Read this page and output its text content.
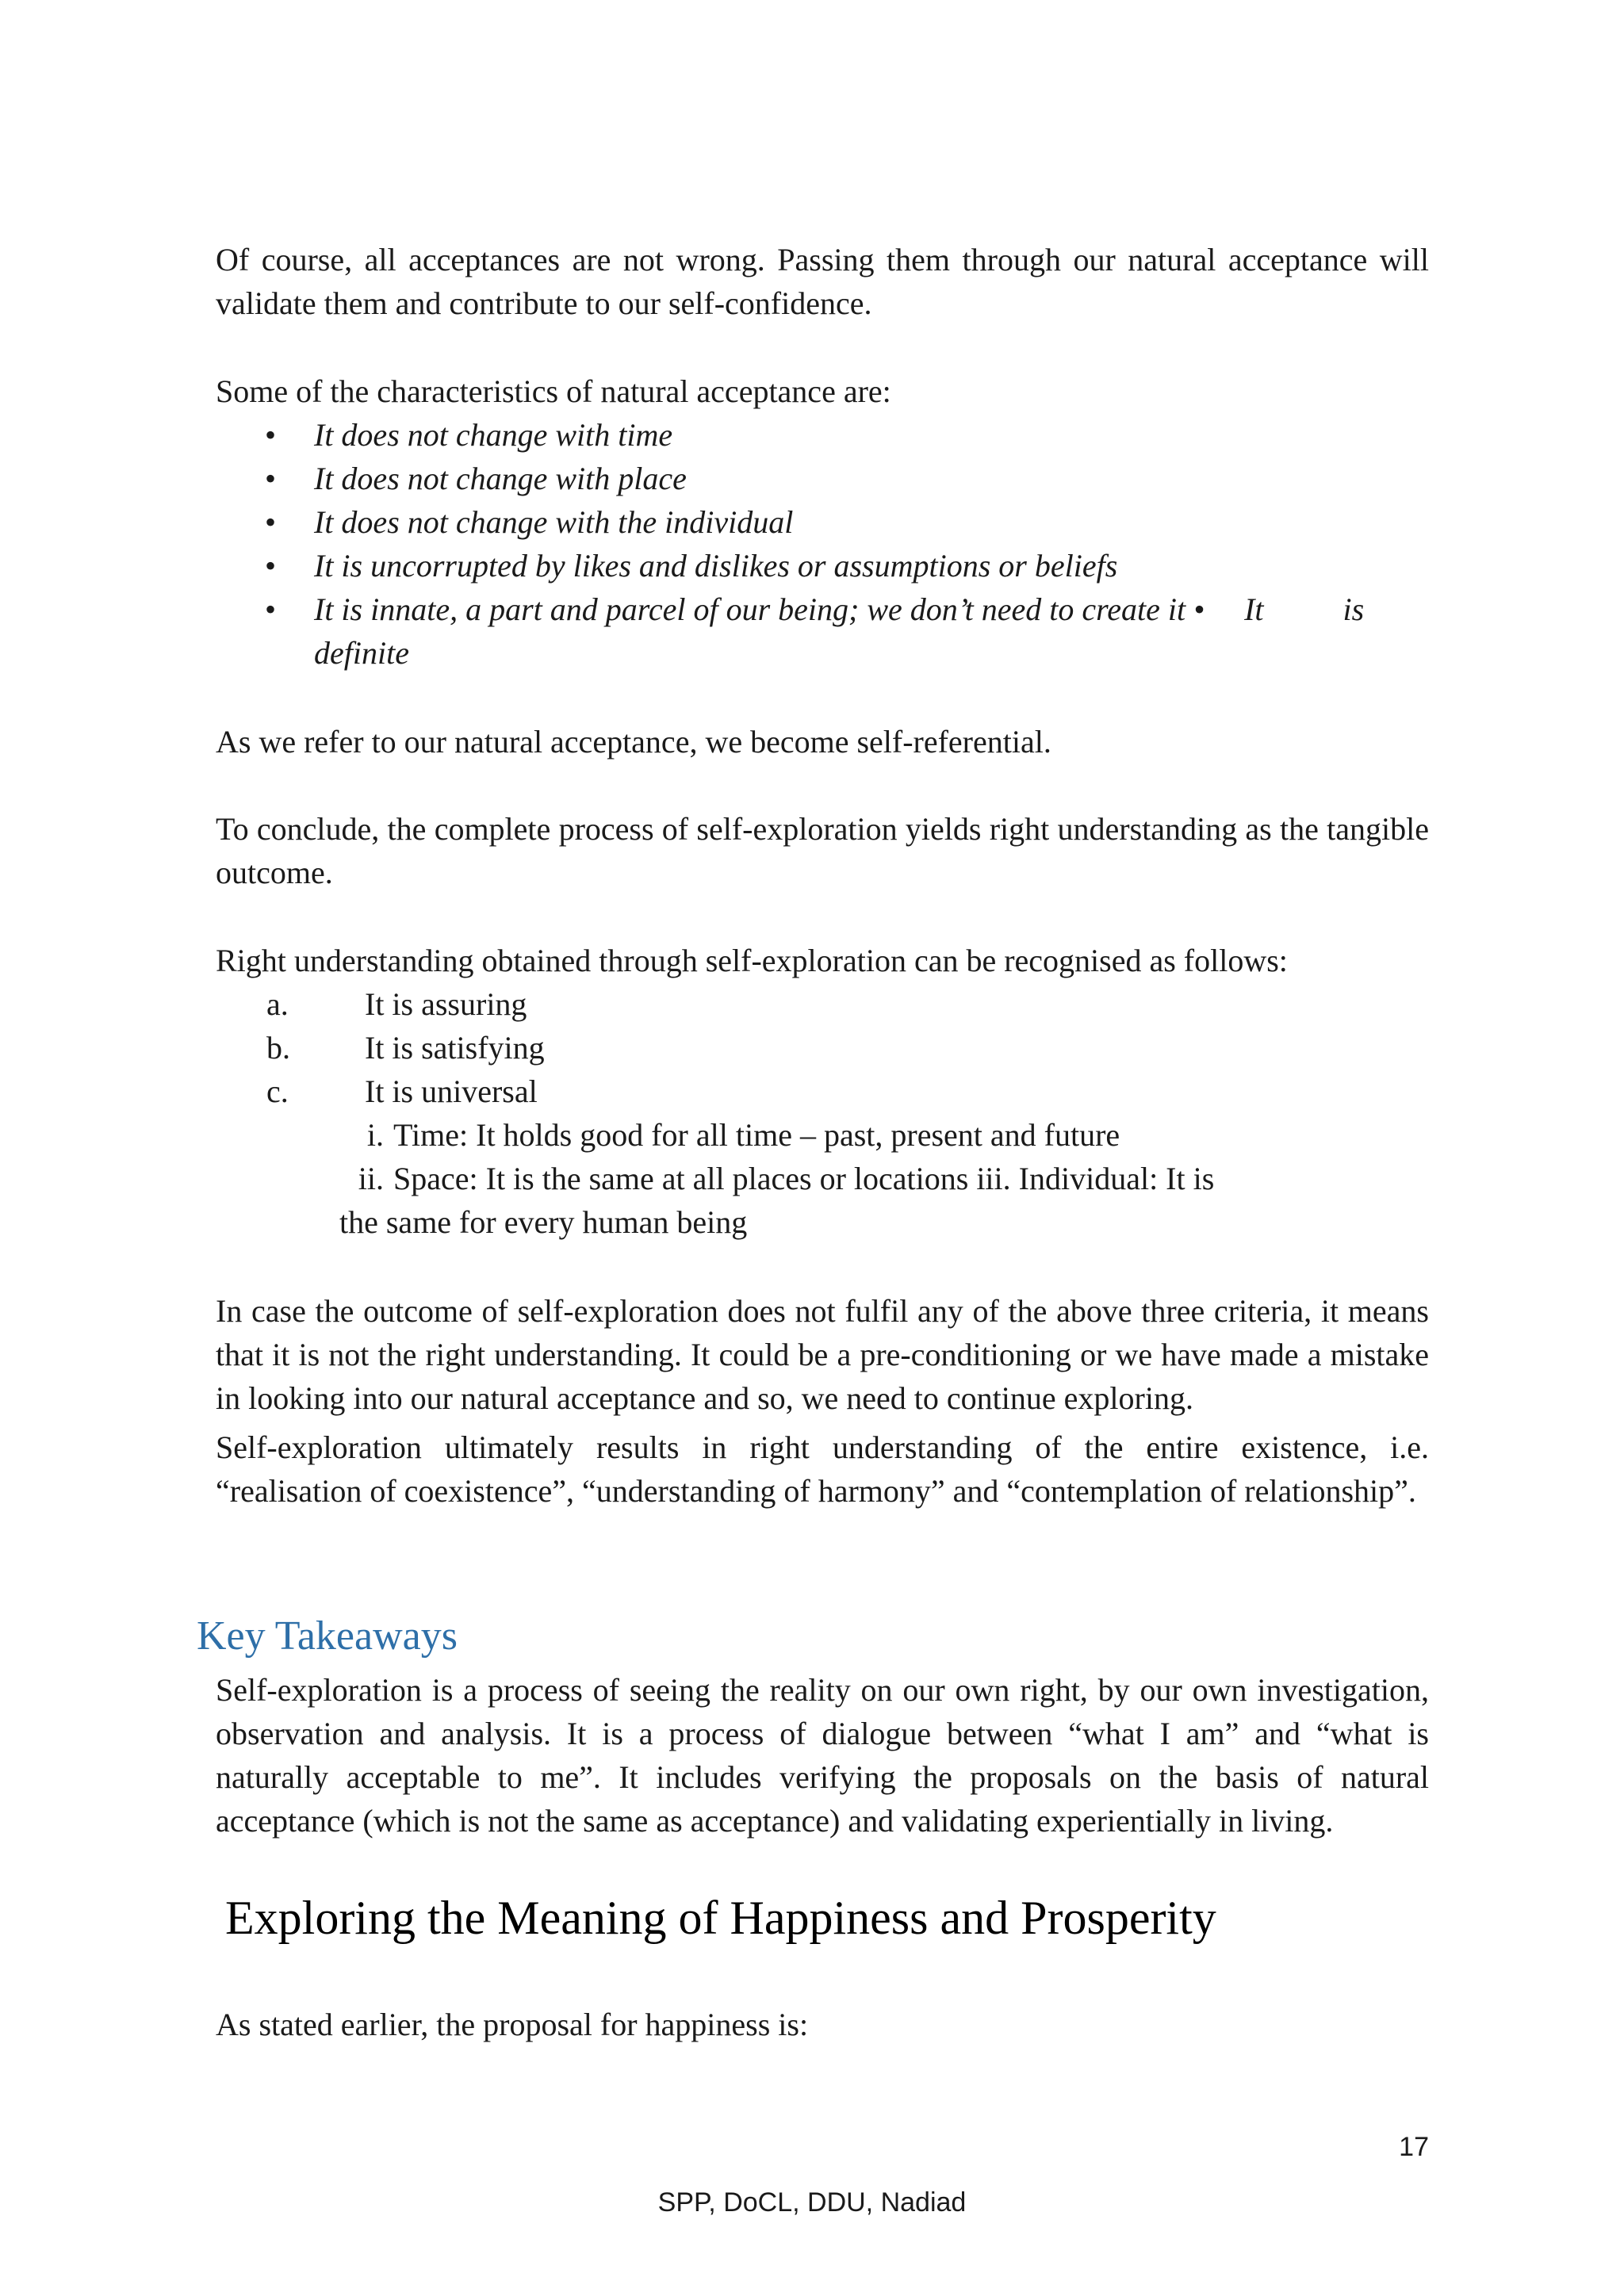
Of course, all acceptances are not wrong. Passing them through our natural acceptance will validate them and contribute to our self-confidence.

Some of the characteristics of natural acceptance are:

• It does not change with time
• It does not change with place
• It does not change with the individual
• It is uncorrupted by likes and dislikes or assumptions or beliefs
• It is innate, a part and parcel of our being; we don’t need to create it •     It          is
definite

As we refer to our natural acceptance, we become self-referential.

To conclude, the complete process of self-exploration yields right understanding as the tangible outcome.

Right understanding obtained through self-exploration can be recognised as follows:

a. It is assuring
b. It is satisfying
c. It is universal
i. Time: It holds good for all time – past, present and future
ii. Space: It is the same at all places or locations iii. Individual: It is
the same for every human being

In case the outcome of self-exploration does not fulfil any of the above three criteria, it means that it is not the right understanding. It could be a pre-conditioning or we have made a mistake in looking into our natural acceptance and so, we need to continue exploring.

Self-exploration ultimately results in right understanding of the entire existence, i.e. “realisation of coexistence”, “understanding of harmony” and “contemplation of relationship”.

Key Takeaways

Self-exploration is a process of seeing the reality on our own right, by our own investigation, observation and analysis. It is a process of dialogue between “what I am” and “what is naturally acceptable to me”. It includes verifying the proposals on the basis of natural acceptance (which is not the same as acceptance) and validating experientially in living.

Exploring the Meaning of Happiness and Prosperity

As stated earlier, the proposal for happiness is:

17
SPP, DoCL, DDU, Nadiad
